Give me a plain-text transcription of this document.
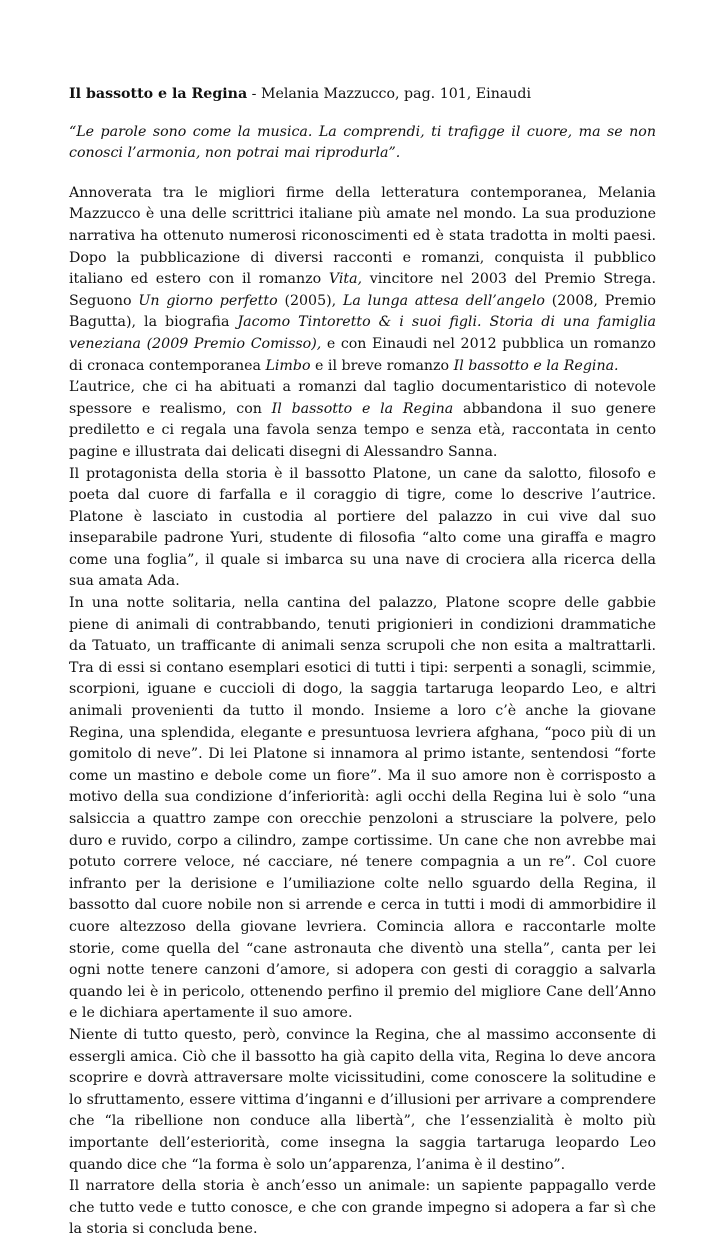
Il bassotto e la Regina - Melania Mazzucco, pag. 101, Einaudi
“Le parole sono come la musica. La comprendi, ti trafigge il cuore, ma se non conosci l’armonia, non potrai mai riprodurla”.

Annoverata tra le migliori firme della letteratura contemporanea, Melania Mazzucco è una delle scrittrici italiane più amate nel mondo. La sua produzione narrativa ha ottenuto numerosi riconoscimenti ed è stata tradotta in molti paesi. Dopo la pubblicazione di diversi racconti e romanzi, conquista il pubblico italiano ed estero con il romanzo Vita, vincitore nel 2003 del Premio Strega. Seguono Un giorno perfetto (2005), La lunga attesa dell’angelo (2008, Premio Bagutta), la biografia Jacomo Tintoretto & i suoi figli. Storia di una famiglia veneziana (2009 Premio Comisso), e con Einaudi nel 2012 pubblica un romanzo di cronaca contemporanea Limbo e il breve romanzo Il bassotto e la Regina.

L’autrice, che ci ha abituati a romanzi dal taglio documentaristico di notevole spessore e realismo, con Il bassotto e la Regina abbandona il suo genere prediletto e ci regala una favola senza tempo e senza età, raccontata in cento pagine e illustrata dai delicati disegni di Alessandro Sanna.

Il protagonista della storia è il bassotto Platone, un cane da salotto, filosofo e poeta dal cuore di farfalla e il coraggio di tigre, come lo descrive l’autrice. Platone è lasciato in custodia al portiere del palazzo in cui vive dal suo inseparabile padrone Yuri, studente di filosofia “alto come una giraffa e magro come una foglia”, il quale si imbarca su una nave di crociera alla ricerca della sua amata Ada.

In una notte solitaria, nella cantina del palazzo, Platone scopre delle gabbie piene di animali di contrabbando, tenuti prigionieri in condizioni drammatiche da Tatuato, un trafficante di animali senza scrupoli che non esita a maltrattarli. Tra di essi si contano esemplari esotici di tutti i tipi: serpenti a sonagli, scimmie, scorpioni, iguane e cuccioli di dogo, la saggia tartaruga leopardo Leo, e altri animali provenienti da tutto il mondo. Insieme a loro c’è anche la giovane Regina, una splendida, elegante e presuntuosa levriera afghana, “poco più di un gomitolo di neve”. Di lei Platone si innamora al primo istante, sentendosi “forte come un mastino e debole come un fiore”. Ma il suo amore non è corrisposto a motivo della sua condizione d’inferiorità: agli occhi della Regina lui è solo “una salsiccia a quattro zampe con orecchie penzoloni a strusciare la polvere, pelo duro e ruvido, corpo a cilindro, zampe cortissime. Un cane che non avrebbe mai potuto correre veloce, né cacciare, né tenere compagnia a un re”. Col cuore infranto per la derisione e l’umiliazione colte nello sguardo della Regina, il bassotto dal cuore nobile non si arrende e cerca in tutti i modi di ammorbidire il cuore altezzoso della giovane levriera. Comincia allora e raccontarle molte storie, come quella del “cane astronauta che diventò una stella”, canta per lei ogni notte tenere canzoni d’amore, si adopera con gesti di coraggio a salvarla quando lei è in pericolo, ottenendo perfino il premio del migliore Cane dell’Anno e le dichiara apertamente il suo amore.

Niente di tutto questo, però, convince la Regina, che al massimo acconsente di essergli amica. Ciò che il bassotto ha già capito della vita, Regina lo deve ancora scoprire e dovrà attraversare molte vicissitudini, come conoscere la solitudine e lo sfruttamento, essere vittima d’inganni e d’illusioni per arrivare a comprendere che “la ribellione non conduce alla libertà”, che l’essenzialità è molto più importante dell’esteriorità, come insegna la saggia tartaruga leopardo Leo quando dice che “la forma è solo un’apparenza, l’anima è il destino”.

Il narratore della storia è anch’esso un animale: un sapiente pappagallo verde che tutto vede e tutto conosce, e che con grande impegno si adopera a far sì che la storia si concluda bene.
